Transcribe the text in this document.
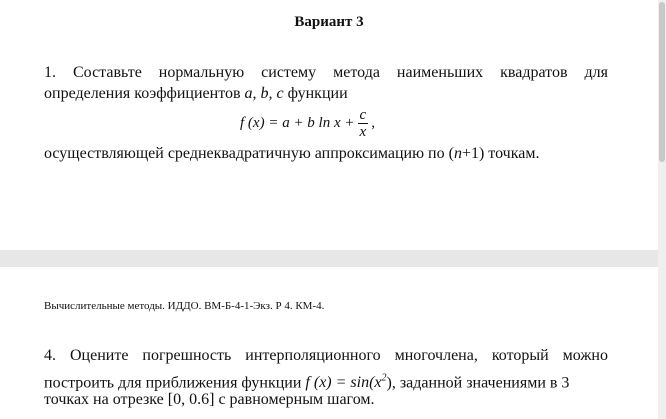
Вариант 3
1. Составьте нормальную систему метода наименьших квадратов для
определения коэффициентов a, b, c функции
f (x) = a + b $\ln x + \frac{c}{x}$ ,
осуществляющей среднеквадратичную аппроксимацию по (n+1) точкам.
Вычислительные методы. ИДДО. ВМ-Б-4-1-Экз. Р 4. КМ-4.
4. Оцените погрешность интерполяционного многочлена, который можно
построить для приближения функции f $(x) = \sin(x^2)$, заданной значениями в 3
точках на отрезке [0, 0.6] с равномерным шагом.
